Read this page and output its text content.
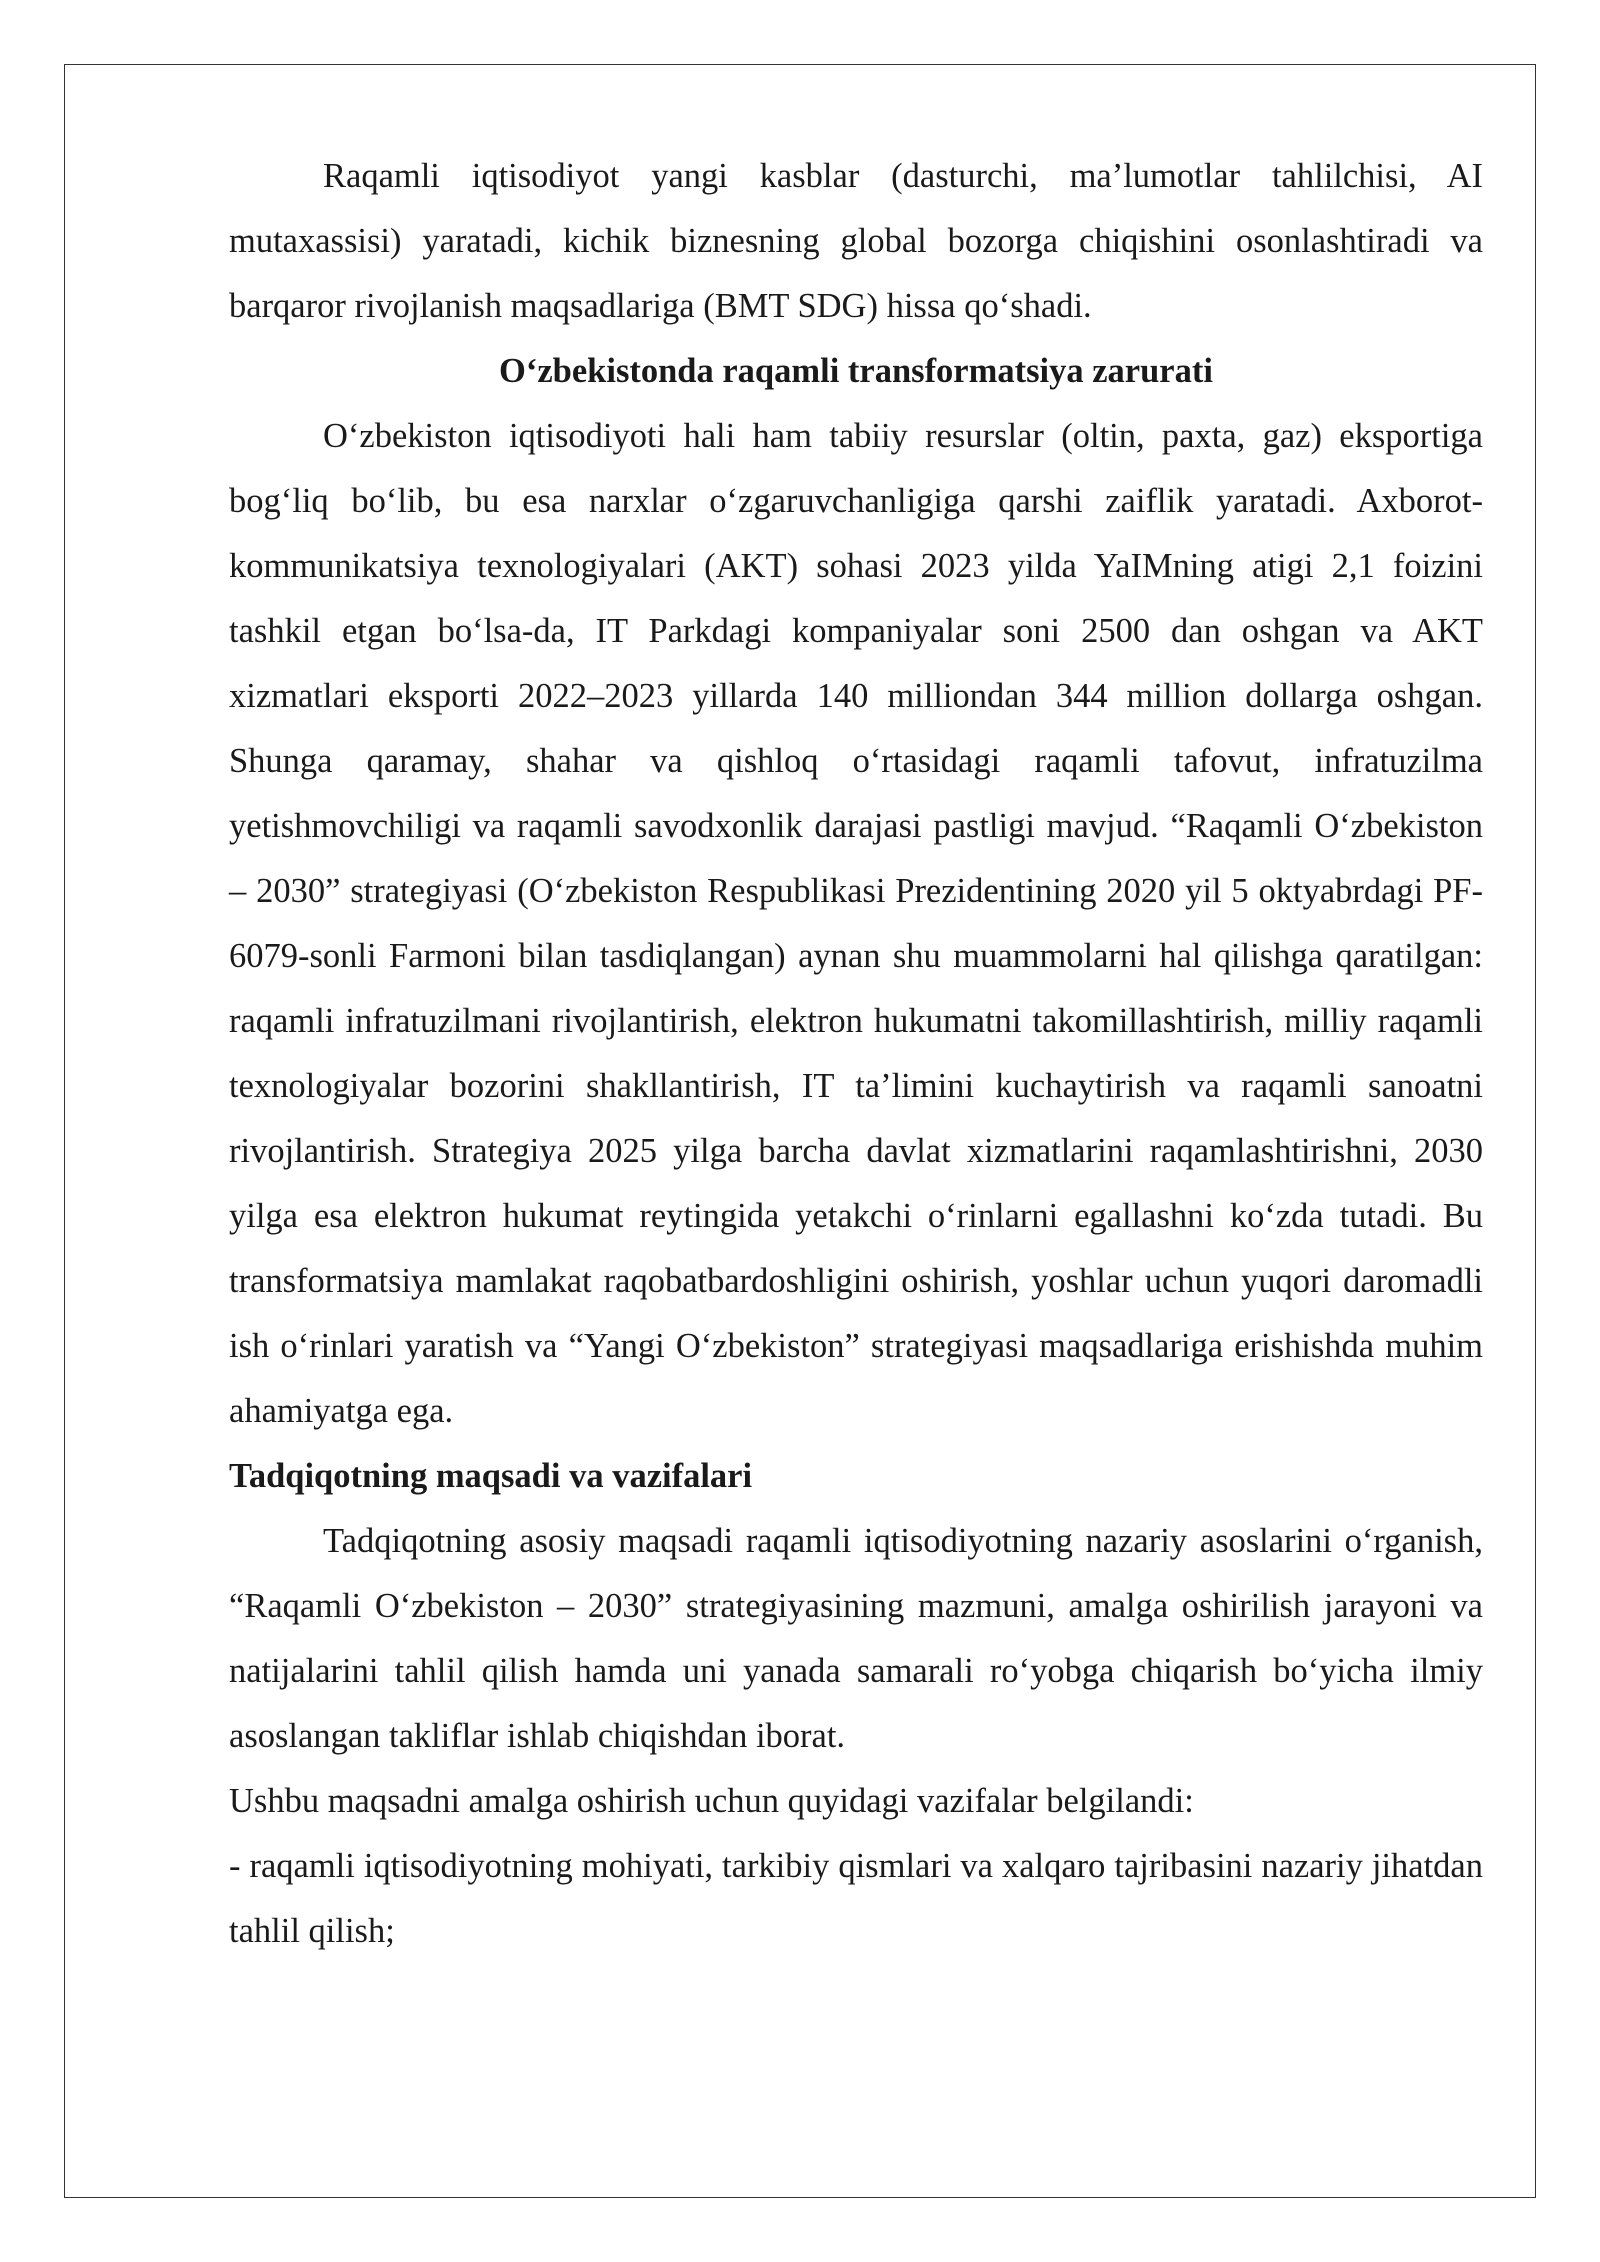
Raqamli iqtisodiyot yangi kasblar (dasturchi, ma’lumotlar tahlilchisi, AI mutaxassisi) yaratadi, kichik biznesning global bozorga chiqishini osonlashtiradi va barqaror rivojlanish maqsadlariga (BMT SDG) hissa qo‘shadi.

O‘zbekistonda raqamli transformatsiya zarurati

O‘zbekiston iqtisodiyoti hali ham tabiiy resurslar (oltin, paxta, gaz) eksportiga bog‘liq bo‘lib, bu esa narxlar o‘zgaruvchanligiga qarshi zaiflik yaratadi. Axborot-kommunikatsiya texnologiyalari (AKT) sohasi 2023 yilda YaIMning atigi 2,1 foizini tashkil etgan bo‘lsa-da, IT Parkdagi kompaniyalar soni 2500 dan oshgan va AKT xizmatlari eksporti 2022–2023 yillarda 140 milliondan 344 million dollarga oshgan. Shunga qaramay, shahar va qishloq o‘rtasidagi raqamli tafovut, infratuzilma yetishmovchiligi va raqamli savodxonlik darajasi pastligi mavjud. “Raqamli O‘zbekiston – 2030” strategiyasi (O‘zbekiston Respublikasi Prezidentining 2020 yil 5 oktyabrdagi PF-6079-sonli Farmoni bilan tasdiqlangan) aynan shu muammolarni hal qilishga qaratilgan: raqamli infratuzilmani rivojlantirish, elektron hukumatni takomillashtirish, milliy raqamli texnologiyalar bozorini shakllantirish, IT ta’limini kuchaytirish va raqamli sanoatni rivojlantirish. Strategiya 2025 yilga barcha davlat xizmatlarini raqamlashtirishni, 2030 yilga esa elektron hukumat reytingida yetakchi o‘rinlarni egallashni ko‘zda tutadi. Bu transformatsiya mamlakat raqobatbardoshligini oshirish, yoshlar uchun yuqori daromadli ish o‘rinlari yaratish va “Yangi O‘zbekiston” strategiyasi maqsadlariga erishishda muhim ahamiyatga ega.

Tadqiqotning maqsadi va vazifalari

Tadqiqotning asosiy maqsadi raqamli iqtisodiyotning nazariy asoslarini o‘rganish, “Raqamli O‘zbekiston – 2030” strategiyasining mazmuni, amalga oshirilish jarayoni va natijalarini tahlil qilish hamda uni yanada samarali ro‘yobga chiqarish bo‘yicha ilmiy asoslangan takliflar ishlab chiqishdan iborat.

Ushbu maqsadni amalga oshirish uchun quyidagi vazifalar belgilandi:

- raqamli iqtisodiyotning mohiyati, tarkibiy qismlari va xalqaro tajribasini nazariy jihatdan tahlil qilish;
